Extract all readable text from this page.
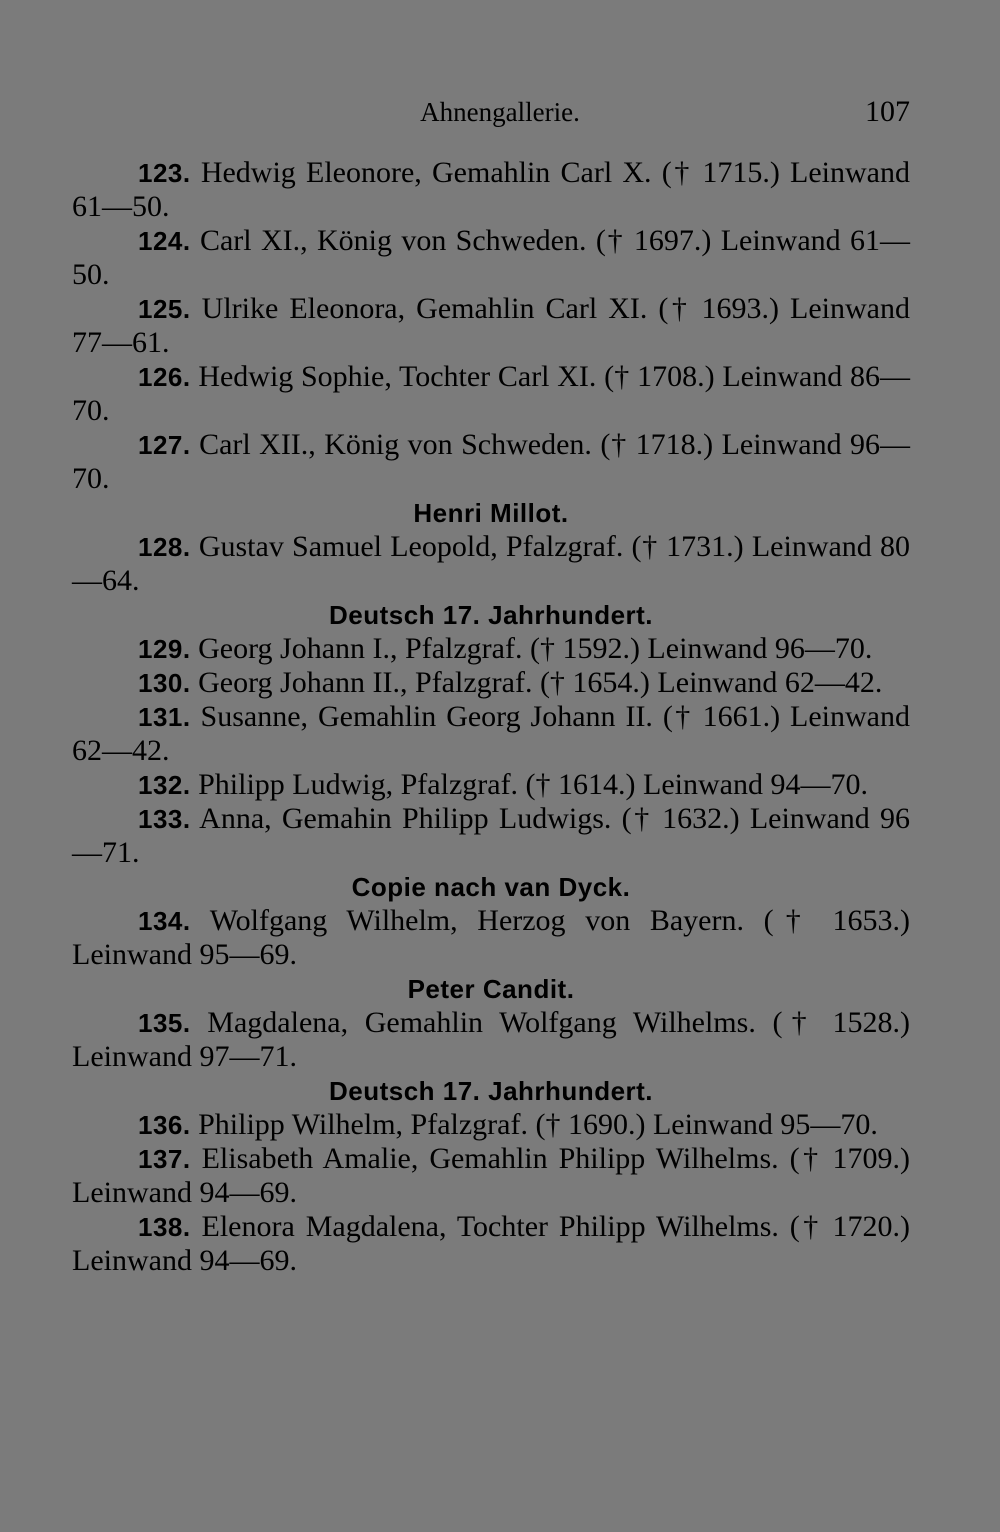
Ahnengallerie.	107

123. Hedwig Eleonore, Gemahlin Carl X. († 1715.) Leinwand 61—50.

124. Carl XI., König von Schweden. († 1697.) Leinwand 61—50.

125. Ulrike Eleonora, Gemahlin Carl XI. († 1693.) Leinwand 77—61.

126. Hedwig Sophie, Tochter Carl XI. († 1708.) Leinwand 86—70.

127. Carl XII., König von Schweden. († 1718.) Leinwand 96—70.

Henri Millot.

128. Gustav Samuel Leopold, Pfalzgraf. († 1731.) Leinwand 80—64.

Deutsch 17. Jahrhundert.

129. Georg Johann I., Pfalzgraf. († 1592.) Leinwand 96—70.

130. Georg Johann II., Pfalzgraf. († 1654.) Leinwand 62—42.

131. Susanne, Gemahlin Georg Johann II. († 1661.) Leinwand 62—42.

132. Philipp Ludwig, Pfalzgraf. († 1614.) Leinwand 94—70.

133. Anna, Gemahin Philipp Ludwigs. († 1632.) Leinwand 96—71.

Copie nach van Dyck.

134. Wolfgang Wilhelm, Herzog von Bayern. († 1653.) Leinwand 95—69.

Peter Candit.

135. Magdalena, Gemahlin Wolfgang Wilhelms. († 1528.) Leinwand 97—71.

Deutsch 17. Jahrhundert.

136. Philipp Wilhelm, Pfalzgraf. († 1690.) Leinwand 95—70.

137. Elisabeth Amalie, Gemahlin Philipp Wilhelms. († 1709.) Leinwand 94—69.

138. Elenora Magdalena, Tochter Philipp Wilhelms. († 1720.) Leinwand 94—69.
